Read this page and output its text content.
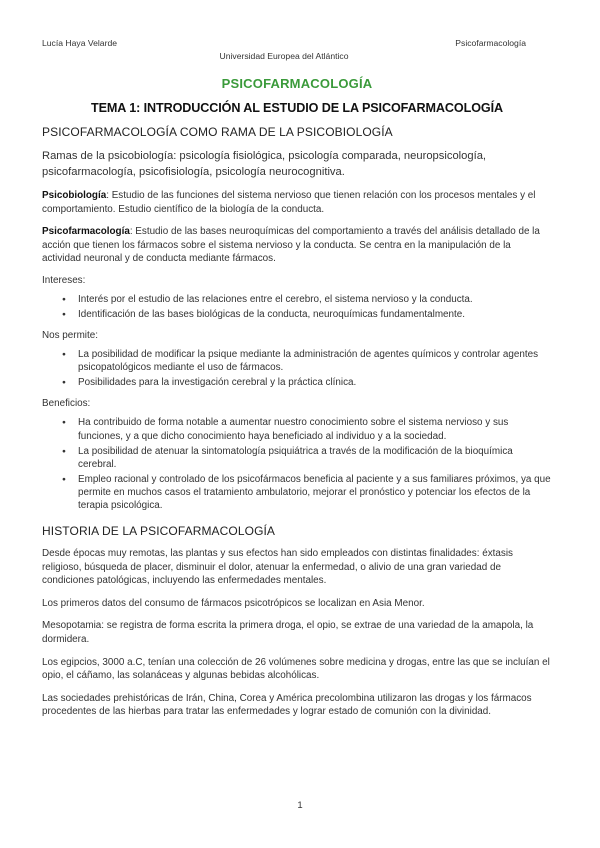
Lucía Haya Velarde	Psicofarmacología
Universidad Europea del Atlántico
PSICOFARMACOLOGÍA
TEMA 1: INTRODUCCIÓN AL ESTUDIO DE LA PSICOFARMACOLOGÍA
PSICOFARMACOLOGÍA COMO RAMA DE LA PSICOBIOLOGÍA
Ramas de la psicobiología: psicología fisiológica, psicología comparada, neuropsicología, psicofarmacología, psicofisiología, psicología neurocognitiva.

Psicobiología: Estudio de las funciones del sistema nervioso que tienen relación con los procesos mentales y el comportamiento. Estudio científico de la biología de la conducta.

Psicofarmacología: Estudio de las bases neuroquímicas del comportamiento a través del análisis detallado de la acción que tienen los fármacos sobre el sistema nervioso y la conducta. Se centra en la manipulación de la actividad neuronal y de conducta mediante fármacos.

Intereses:
● Interés por el estudio de las relaciones entre el cerebro, el sistema nervioso y la conducta.
● Identificación de las bases biológicas de la conducta, neuroquímicas fundamentalmente.
Nos permite:
● La posibilidad de modificar la psique mediante la administración de agentes químicos y controlar agentes psicopatológicos mediante el uso de fármacos.
● Posibilidades para la investigación cerebral y la práctica clínica.
Beneficios:
● Ha contribuido de forma notable a aumentar nuestro conocimiento sobre el sistema nervioso y sus funciones, y a que dicho conocimiento haya beneficiado al individuo y a la sociedad.
● La posibilidad de atenuar la sintomatología psiquiátrica a través de la modificación de la bioquímica cerebral.
● Empleo racional y controlado de los psicofármacos beneficia al paciente y a sus familiares próximos, ya que permite en muchos casos el tratamiento ambulatorio, mejorar el pronóstico y potenciar los efectos de la terapia psicológica.
HISTORIA DE LA PSICOFARMACOLOGÍA

Desde épocas muy remotas, las plantas y sus efectos han sido empleados con distintas finalidades: éxtasis religioso, búsqueda de placer, disminuir el dolor, atenuar la enfermedad, o alivio de una gran variedad de condiciones patológicas, incluyendo las enfermedades mentales.

Los primeros datos del consumo de fármacos psicotrópicos se localizan en Asia Menor.

Mesopotamia: se registra de forma escrita la primera droga, el opio, se extrae de una variedad de la amapola, la dormidera.

Los egipcios, 3000 a.C, tenían una colección de 26 volúmenes sobre medicina y drogas, entre las que se incluían el opio, el cáñamo, las solanáceas y algunas bebidas alcohólicas.

Las sociedades prehistóricas de Irán, China, Corea y América precolombina utilizaron las drogas y los fármacos procedentes de las hierbas para tratar las enfermedades y lograr estado de comunión con la divinidad.

1
